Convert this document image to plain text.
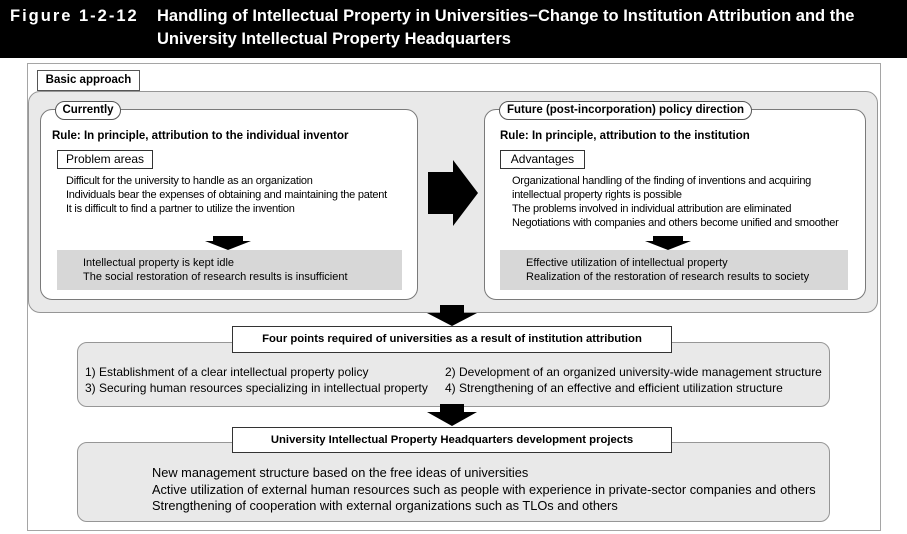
Figure 1-2-12 Handling of Intellectual Property in Universities−Change to Institution Attribution and the
University Intellectual Property Headquarters
Basic approach
Currently
Rule: In principle, attribution to the individual inventor
Problem areas
Difficult for the university to handle as an organization
Individuals bear the expenses of obtaining and maintaining the patent
It is difficult to find a partner to utilize the invention
Intellectual property is kept idle
The social restoration of research results is insufficient
Future (post-incorporation) policy direction
Rule: In principle, attribution to the institution
Advantages
Organizational handling of the finding of inventions and acquiring
intellectual property rights is possible
The problems involved in individual attribution are eliminated
Negotiations with companies and others become unified and smoother
Effective utilization of intellectual property
Realization of the restoration of research results to society
Four points required of universities as a result of institution attribution
1) Establishment of a clear intellectual property policy	2) Development of an organized university-wide management structure
3) Securing human resources specializing in intellectual property 4) Strengthening of an effective and efficient utilization structure
University Intellectual Property Headquarters development projects
New management structure based on the free ideas of universities
Active utilization of external human resources such as people with experience in private-sector companies and others
Strengthening of cooperation with external organizations such as TLOs and others
